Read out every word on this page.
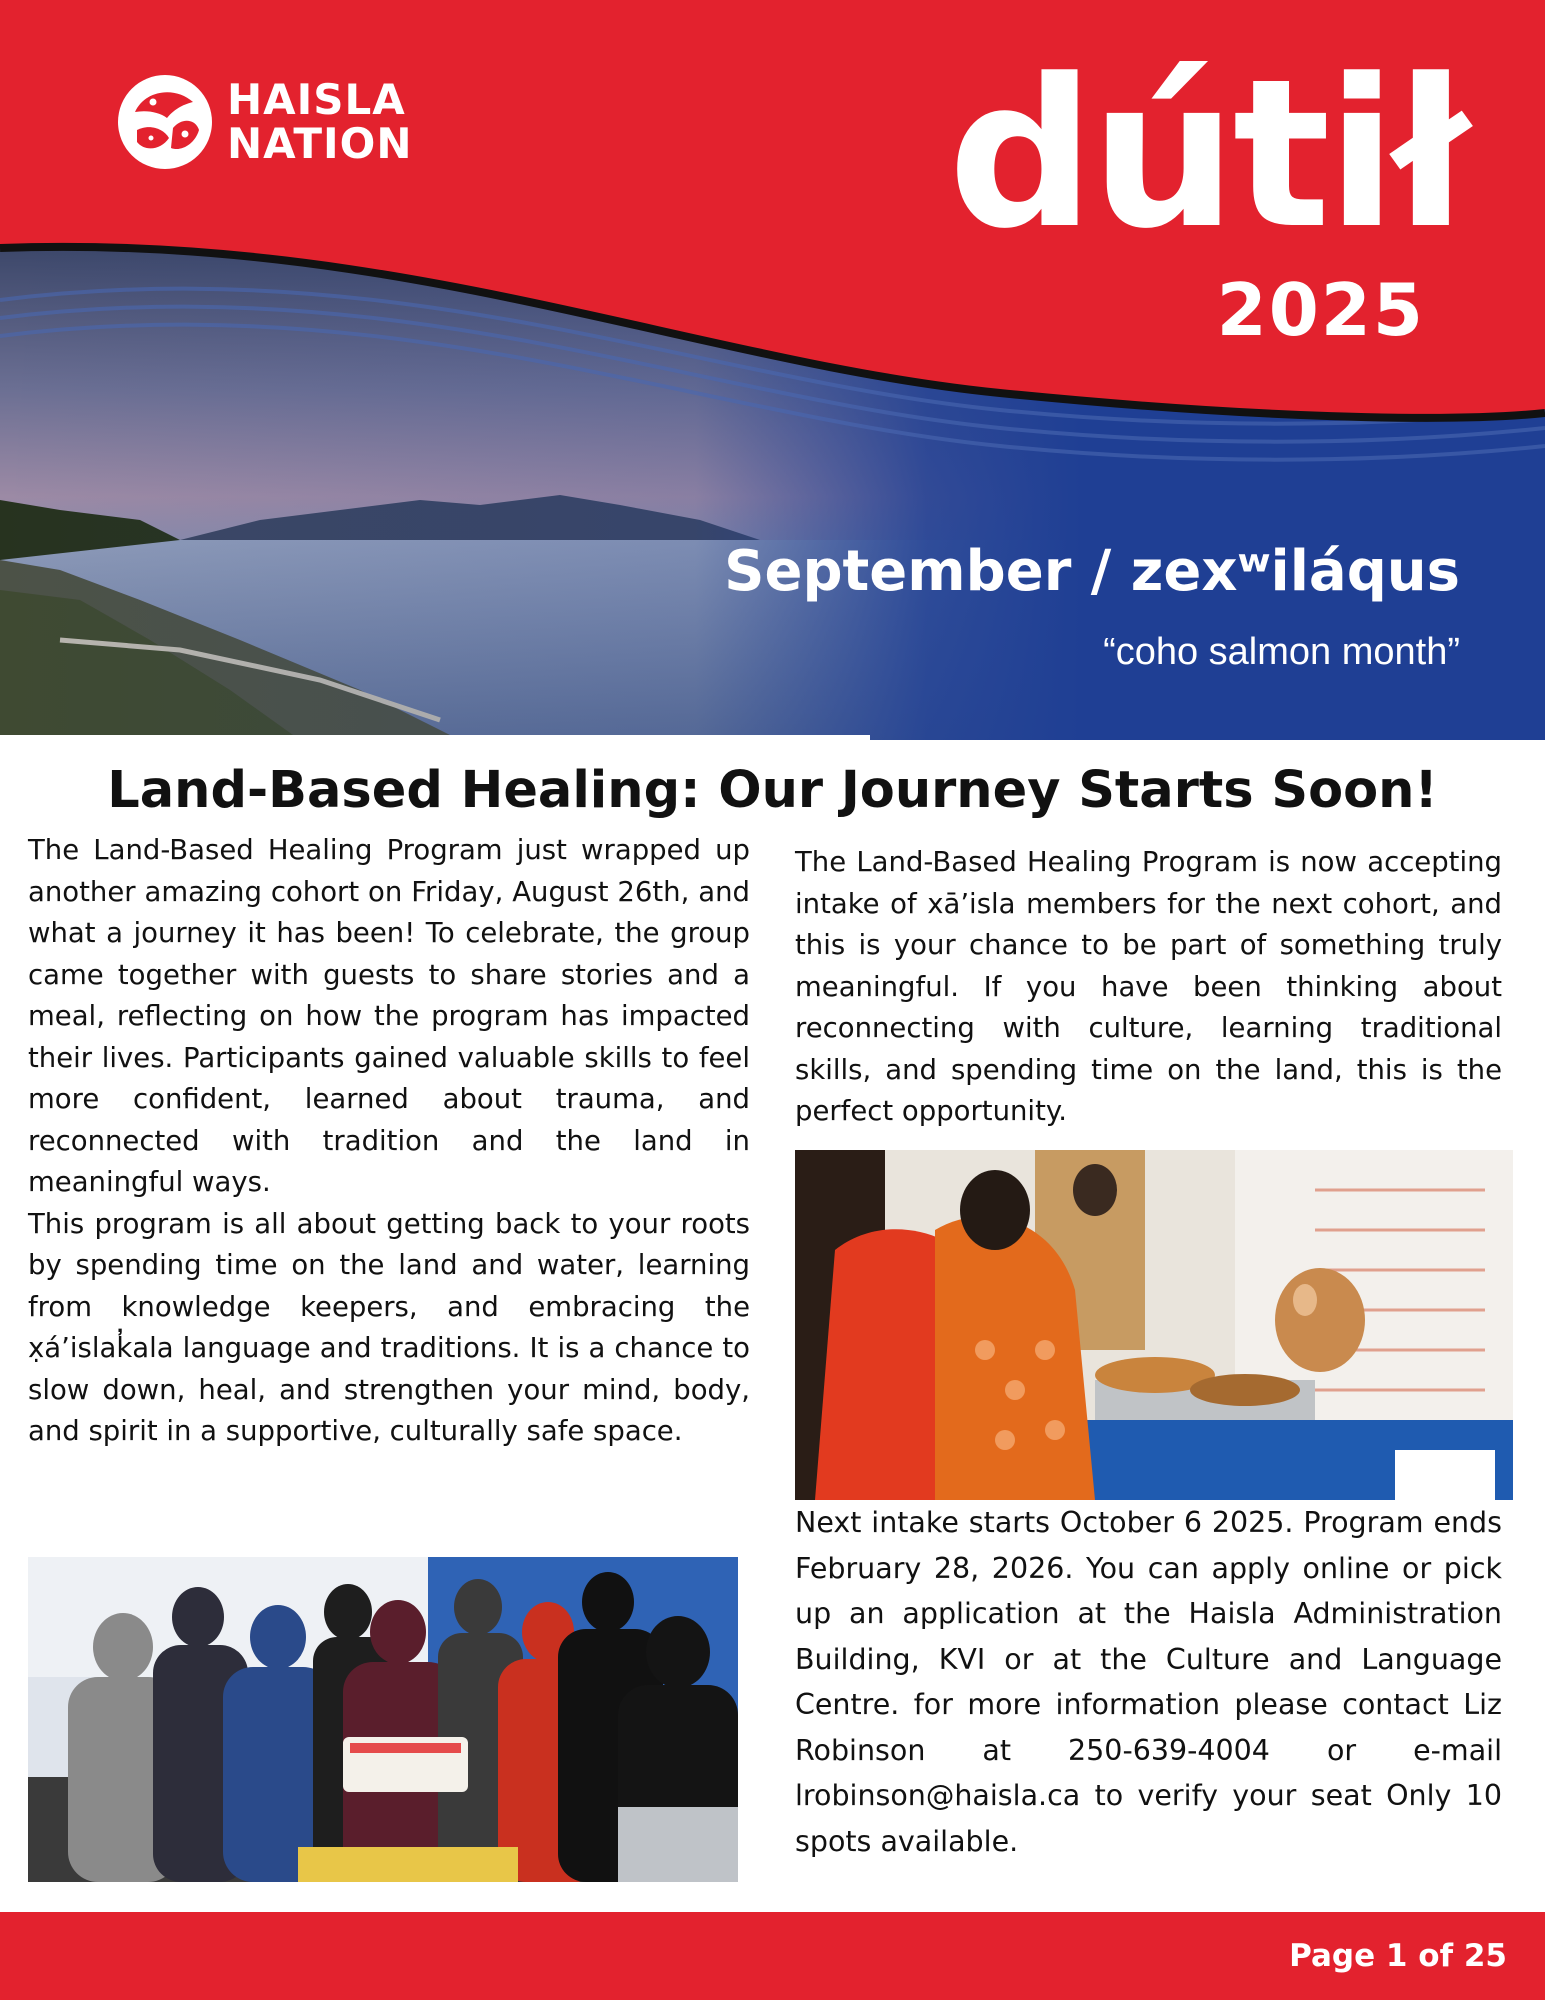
HAISLA
NATION	dútił
2025
September / zexʷiláqus
“coho salmon month”
Land-Based Healing: Our Journey Starts Soon!

The Land-Based Healing Program just wrapped up another amazing cohort on Friday, August 26th, and what a journey it has been! To celebrate, the group came together with guests to share stories and a meal, reflecting on how the program has impacted their lives. Participants gained valuable skills to feel more confident, learned about trauma, and reconnected with tradition and the land in meaningful ways.

This program is all about getting back to your roots by spending time on the land and water, learning from knowledge keepers, and embracing the x̣á’islak̓ala language and traditions. It is a chance to slow down, heal, and strengthen your mind, body, and spirit in a supportive, culturally safe space.

The Land-Based Healing Program is now accepting intake of xā’isla members for the next cohort, and this is your chance to be part of something truly meaningful. If you have been thinking about reconnecting with culture, learning traditional skills, and spending time on the land, this is the perfect opportunity.

Next intake starts October 6 2025. Program ends February 28, 2026. You can apply online or pick up an application at the Haisla Administration Building, KVI or at the Culture and Language Centre. for more information please contact Liz Robinson at 250-639-4004 or e-mail lrobinson@haisla.ca to verify your seat Only 10 spots available.

Page 1 of 25
